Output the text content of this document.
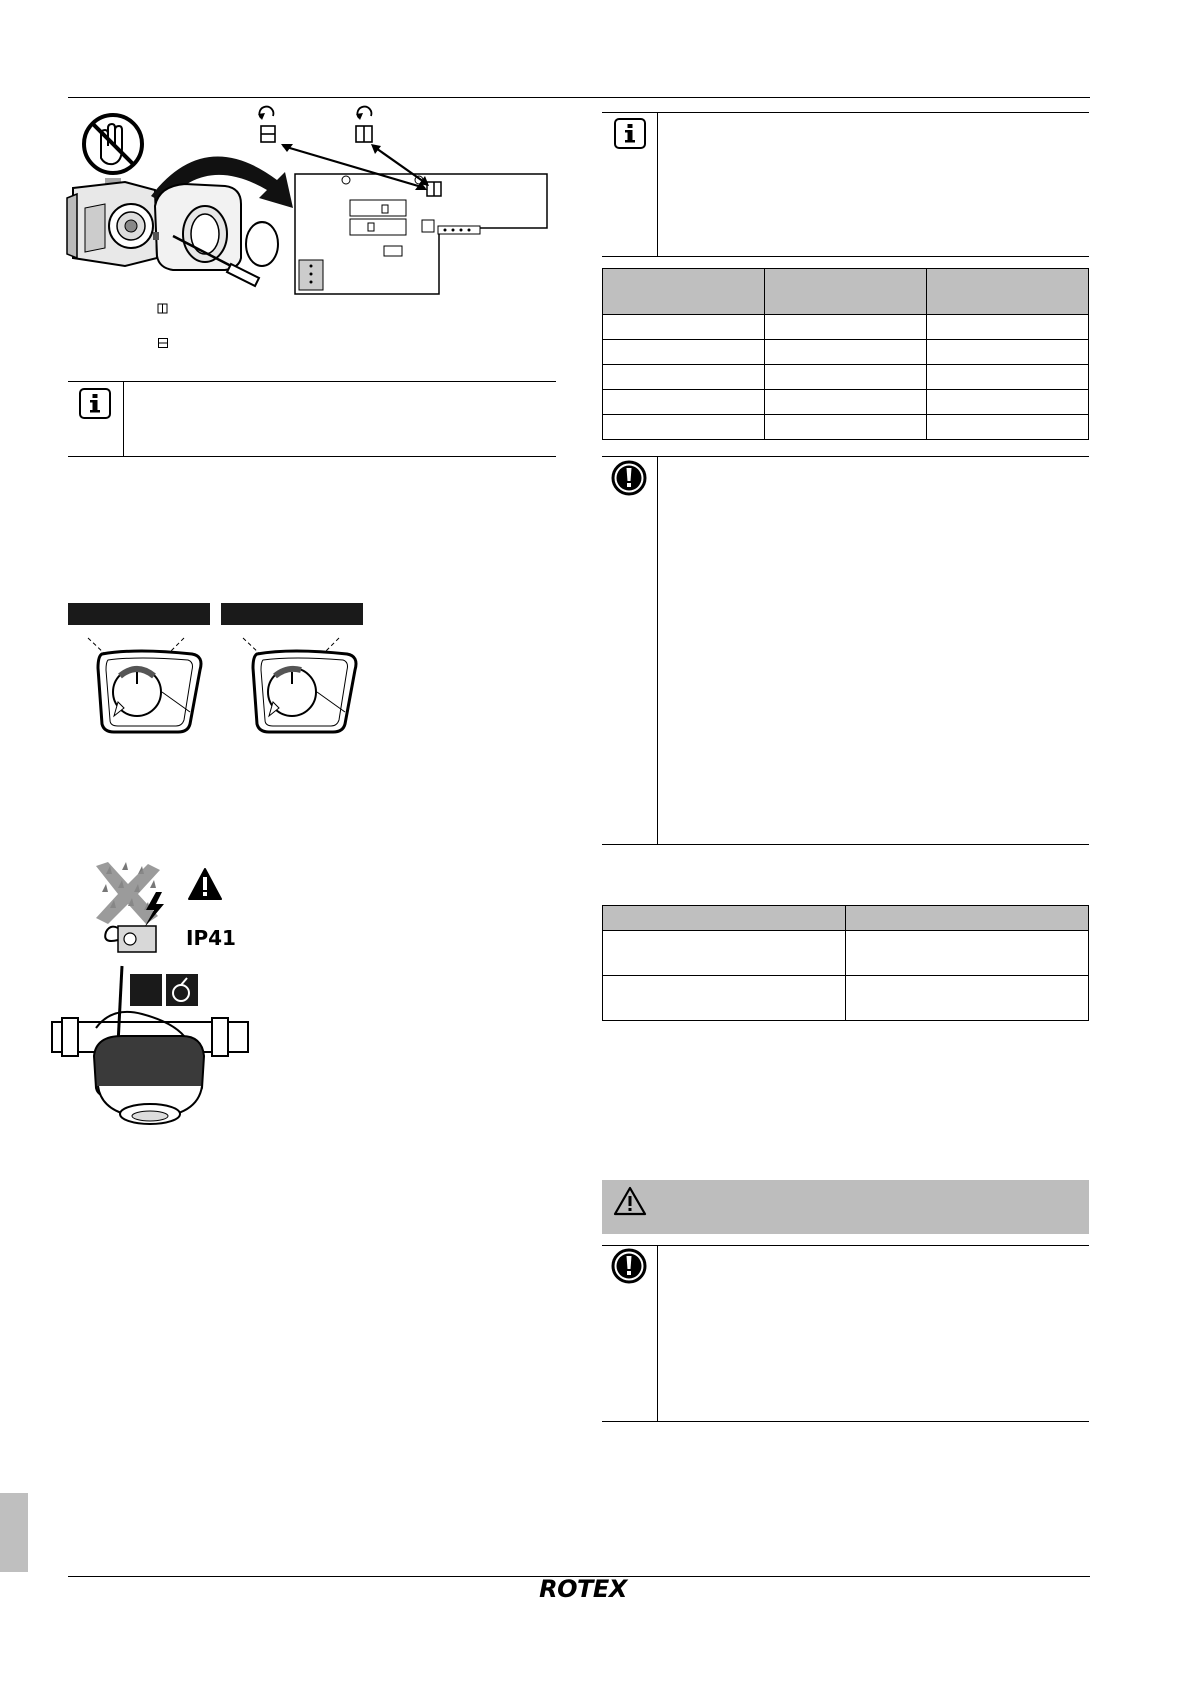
IP41

ROTEX
